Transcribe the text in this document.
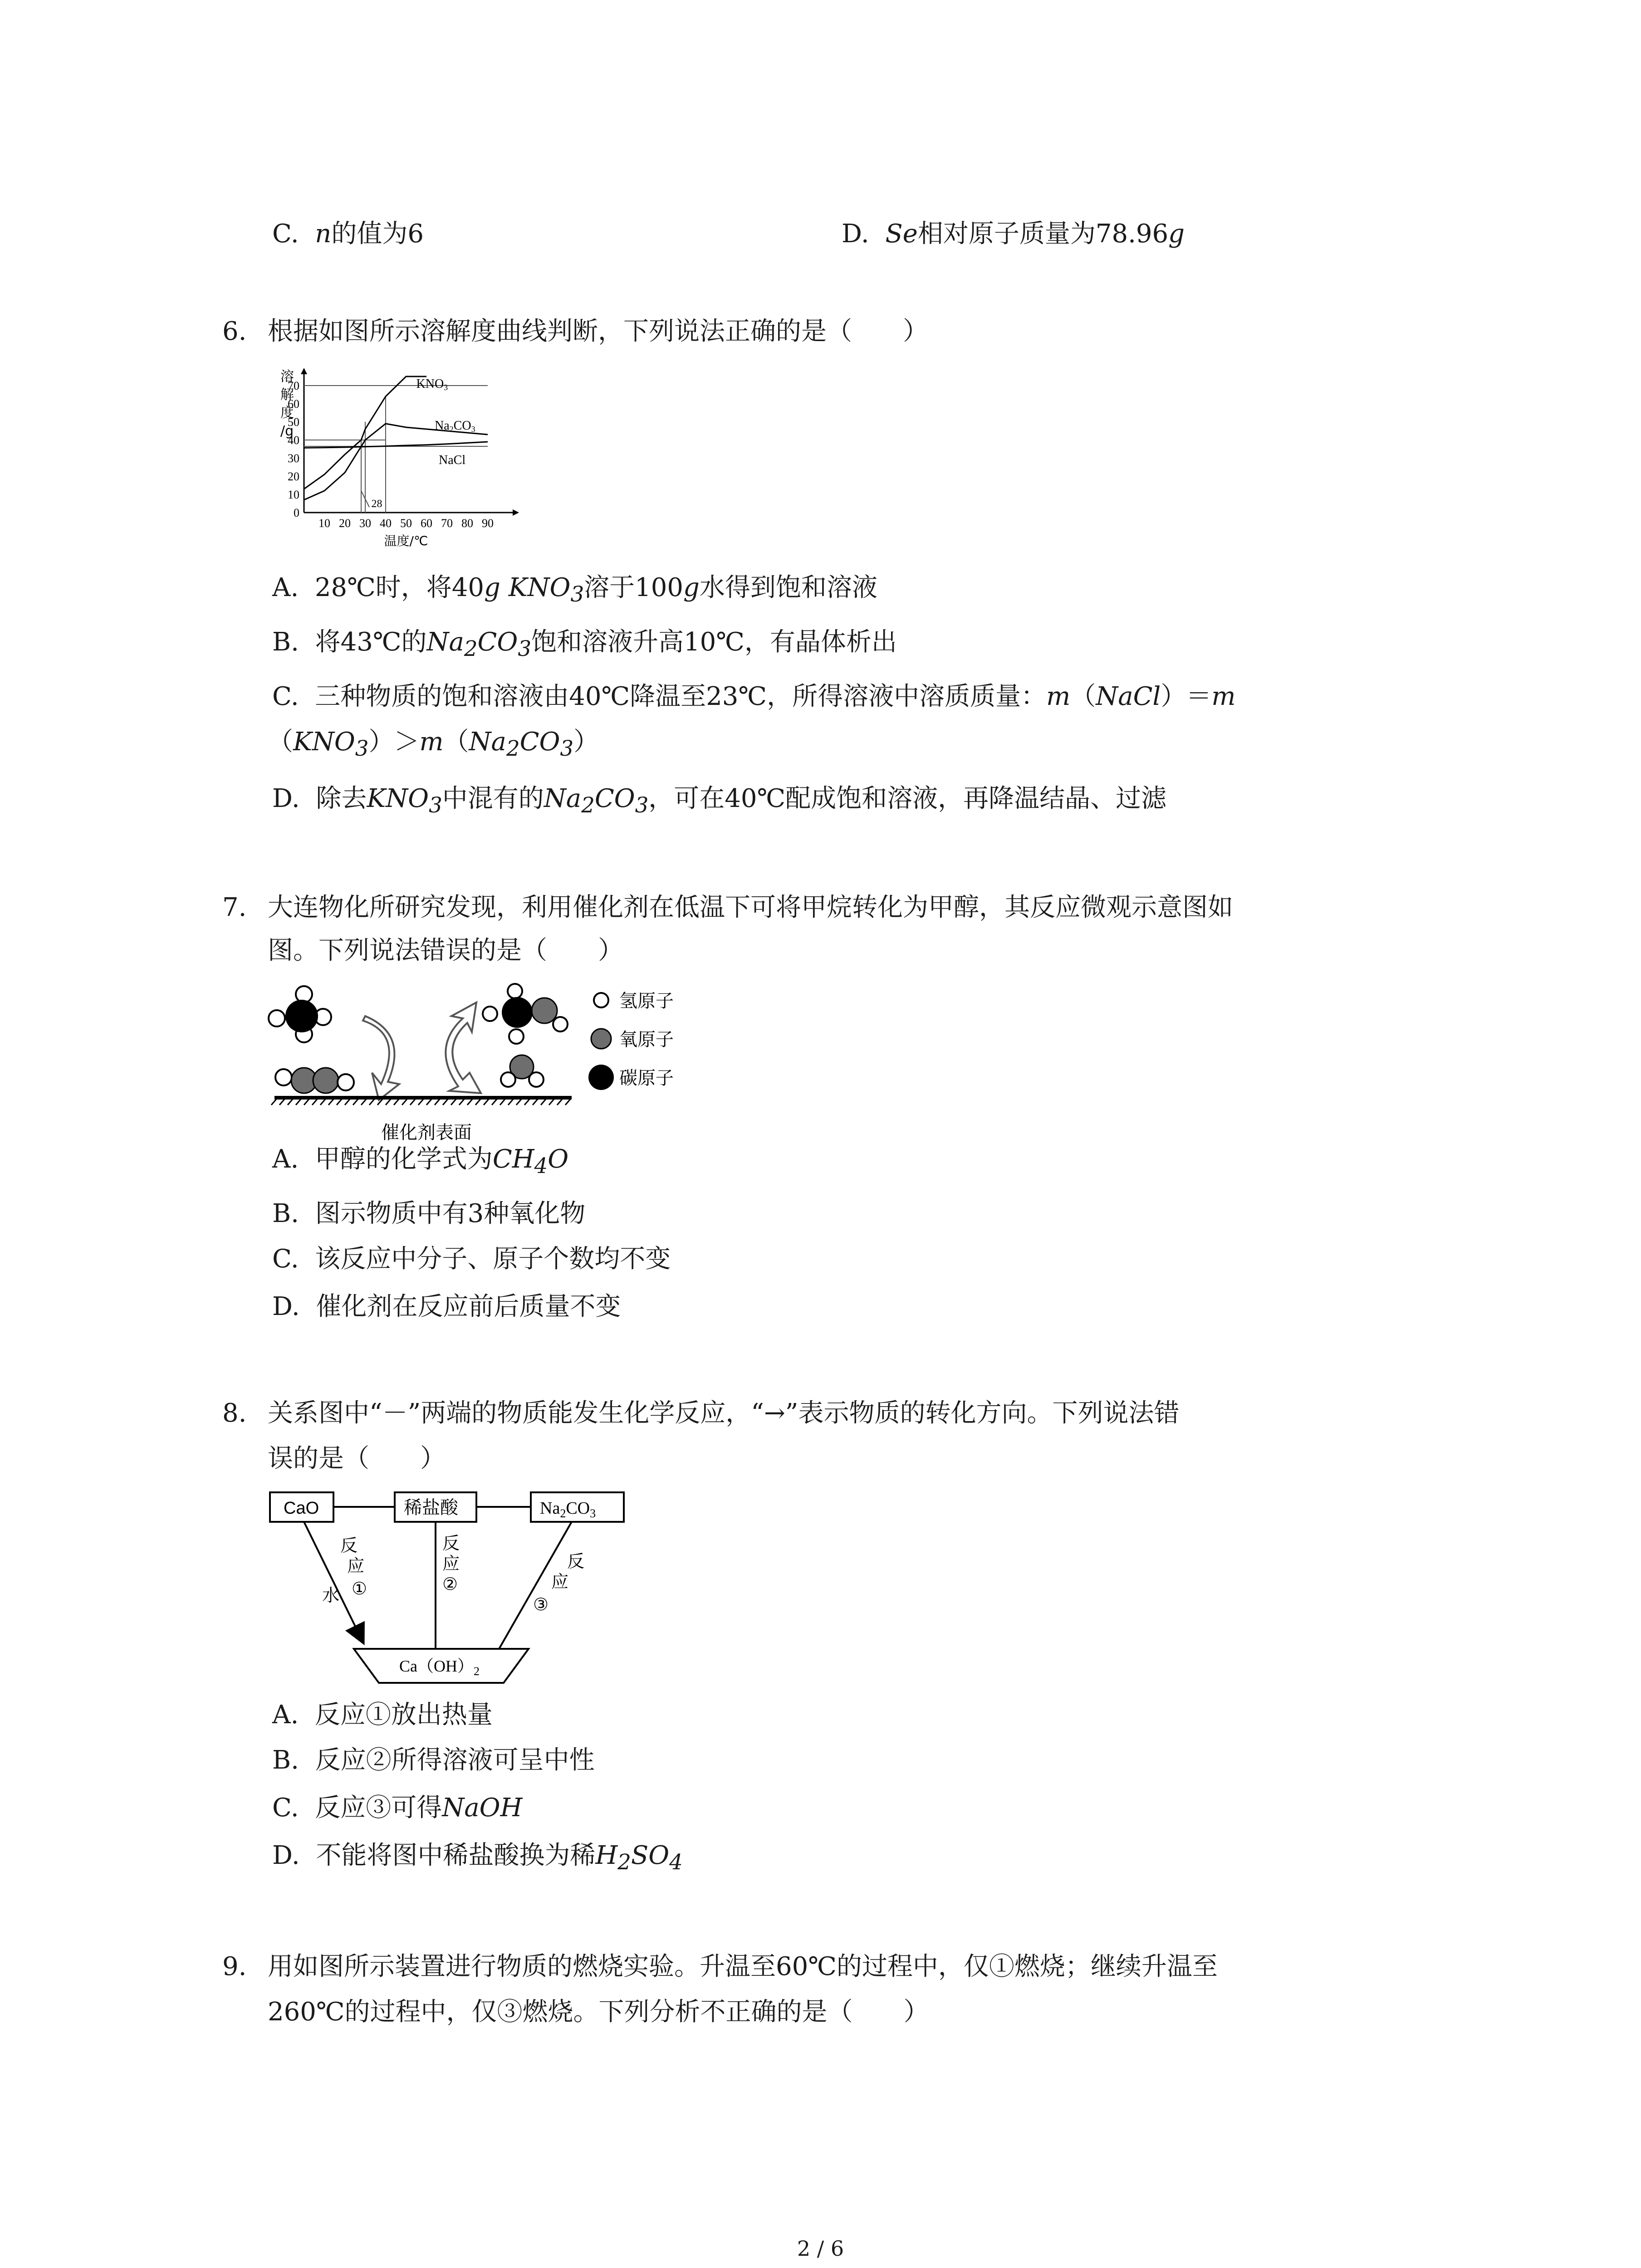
C. n的值为6	D. Se相对原子质量为78.96g
6. 根据如图所示溶解度曲线判断，下列说法正确的是（　　）
0
10
20
30
40
50
60
70
10 20 30 40 50 60 70 80 90
溶解度/g
温度/℃
28
KNO3
Na2CO3
NaCl
A. 28℃时，将40g $KNO_3$溶于100g水得到饱和溶液
B. 将43℃的$Na_2CO_3$饱和溶液升高10℃，有晶体析出
C. 三种物质的饱和溶液由40℃降温至23℃，所得溶液中溶质质量：m（NaCl）＝m
$(KNO_3)>m(Na_2CO_3)$
D. 除去$KNO_3$中混有的$Na_2CO_3$，可在40℃配成饱和溶液，再降温结晶、过滤
7. 大连物化所研究发现，利用催化剂在低温下可将甲烷转化为甲醇，其反应微观示意图如
图。下列说法错误的是（　　）
催化剂表面
氢原子
氧原子
碳原子
A. 甲醇的化学式为$CH_4O$
B. 图示物质中有3种氧化物
C. 该反应中分子、原子个数均不变
D. 催化剂在反应前后质量不变
8. 关系图中“－”两端的物质能发生化学反应，“→”表示物质的转化方向。下列说法错
误的是（　　）
CaO	稀盐酸	$Na_2CO_3$
反
应
水 ①
反
应
②
反
应
③
$Ca(OH)_2$
A. 反应①放出热量
B. 反应②所得溶液可呈中性
C. 反应③可得NaOH
D. 不能将图中稀盐酸换为稀$H_2SO_4$
9. 用如图所示装置进行物质的燃烧实验。升温至60℃的过程中，仅①燃烧；继续升温至
260℃的过程中，仅③燃烧。下列分析不正确的是（　　）
2 / 6
